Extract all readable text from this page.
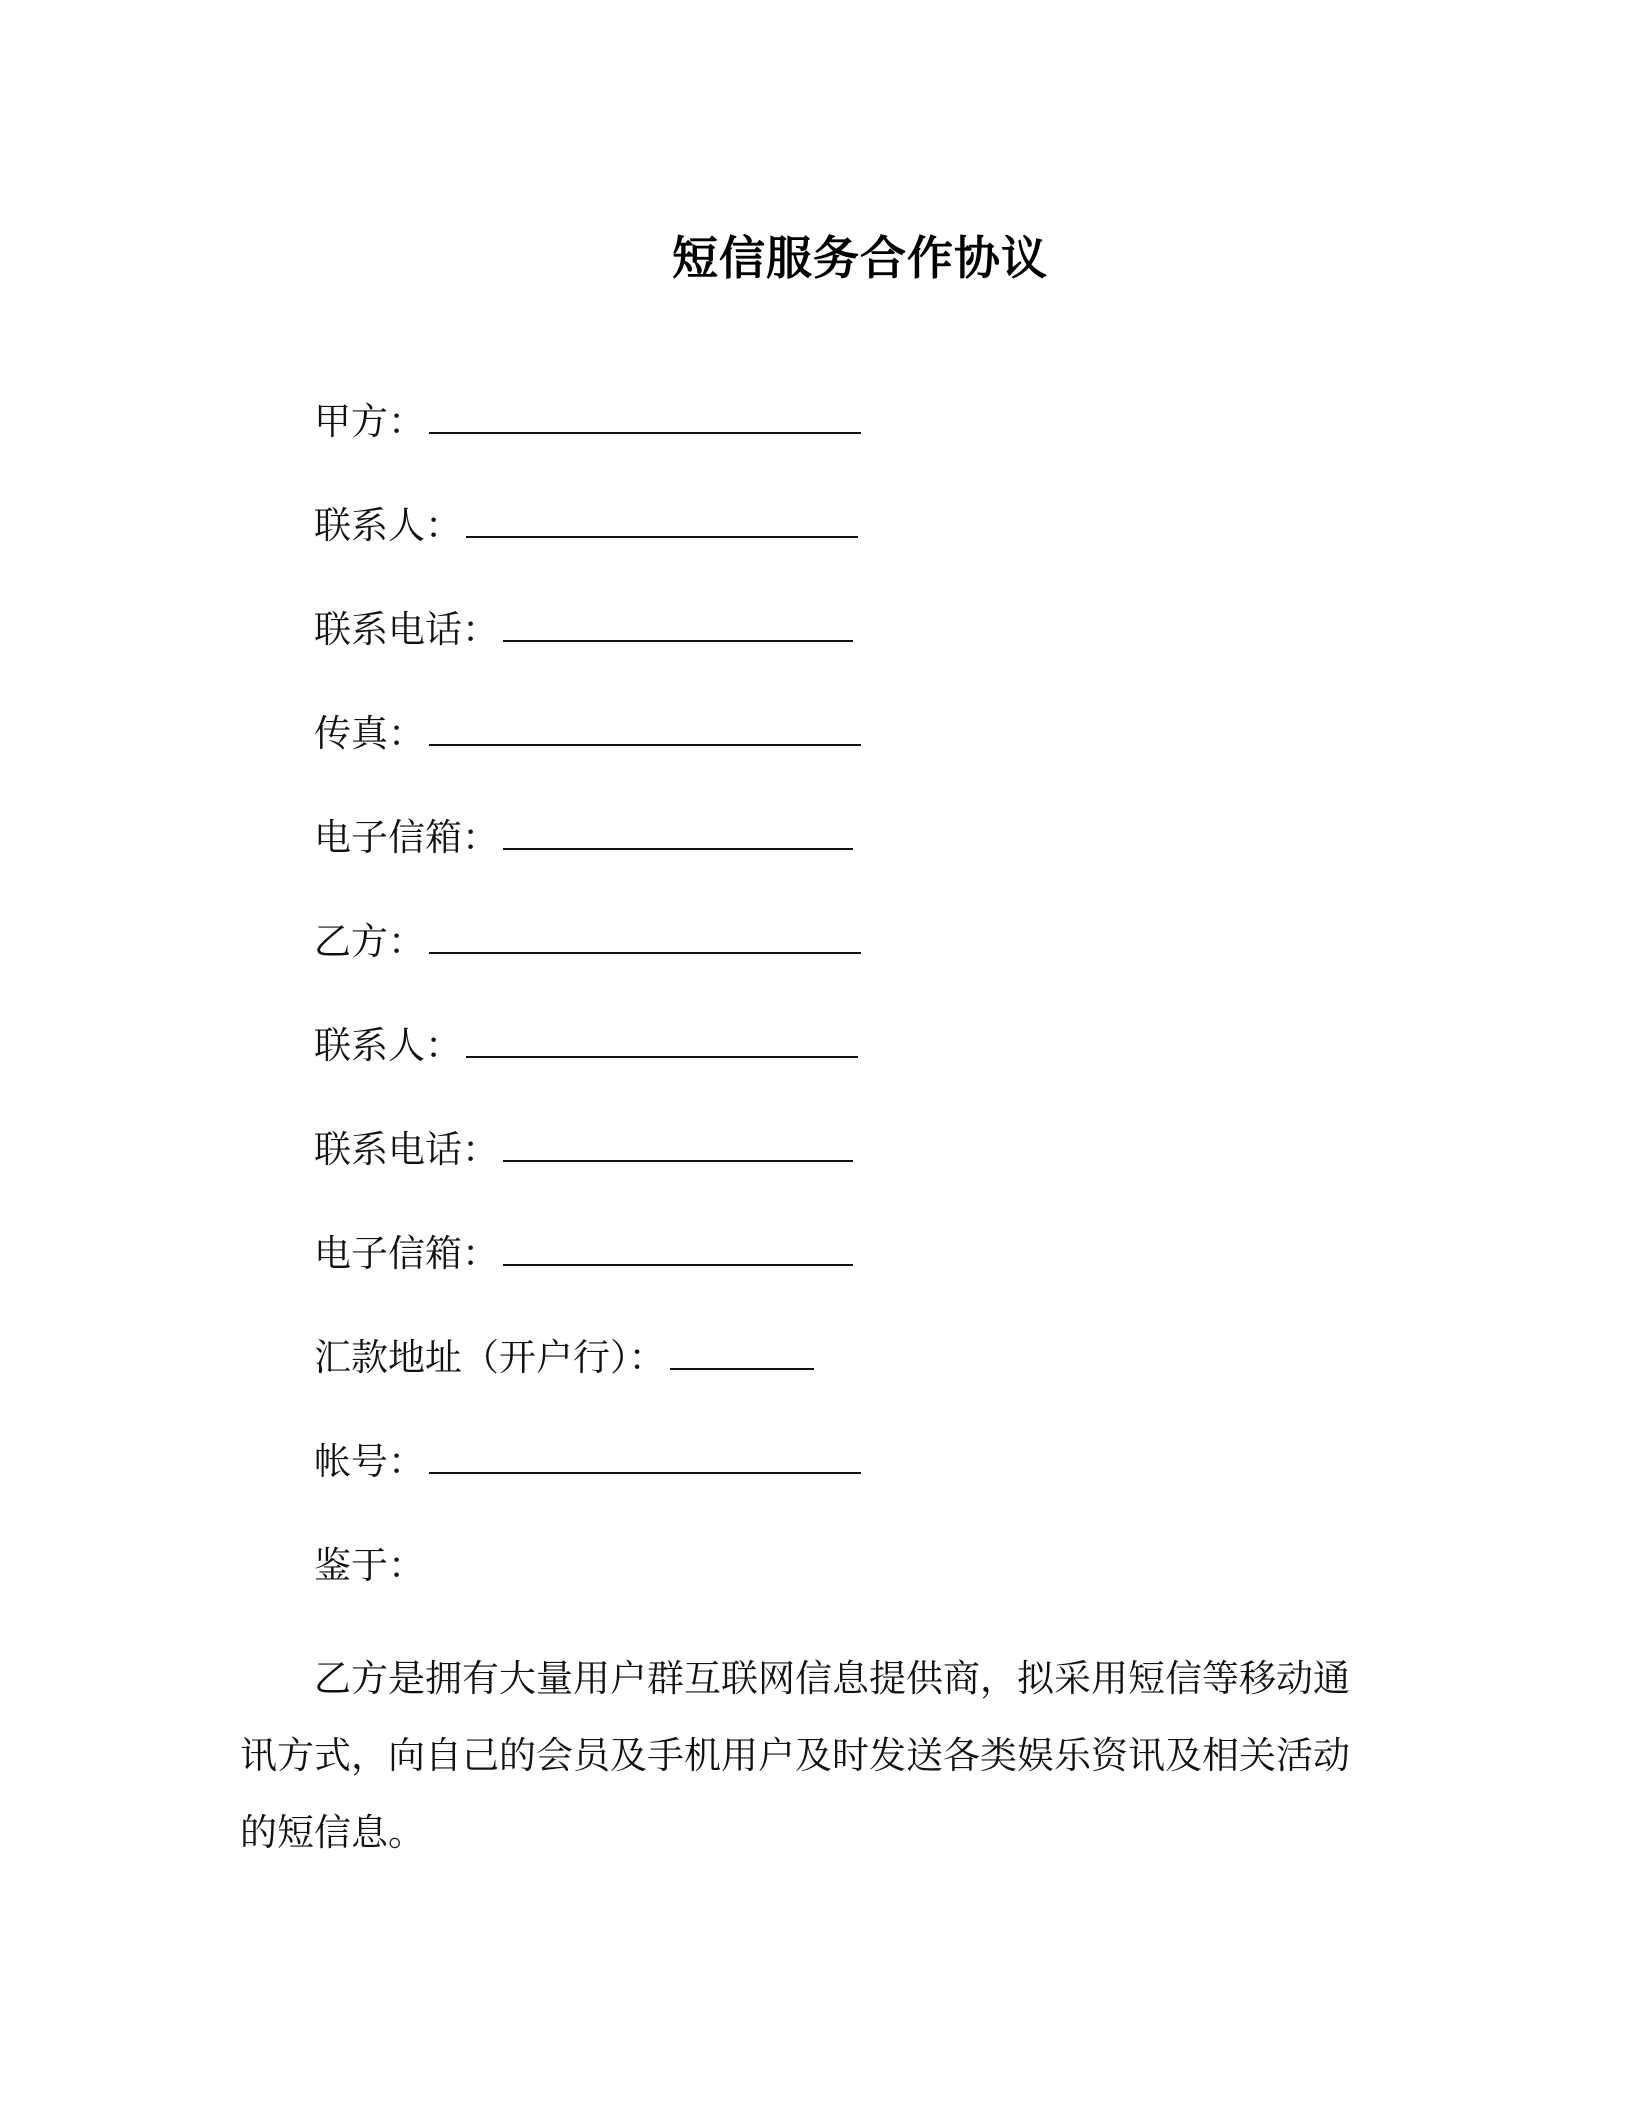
短信服务合作协议
甲方：
联系人：
联系电话：
传真：
电子信箱：
乙方：
联系人：
联系电话：
电子信箱：
汇款地址（开户行）：
帐号：
鉴于：
乙方是拥有大量用户群互联网信息提供商，拟采用短信等移动通讯方式，向自己的会员及手机用户及时发送各类娱乐资讯及相关活动的短信息。
